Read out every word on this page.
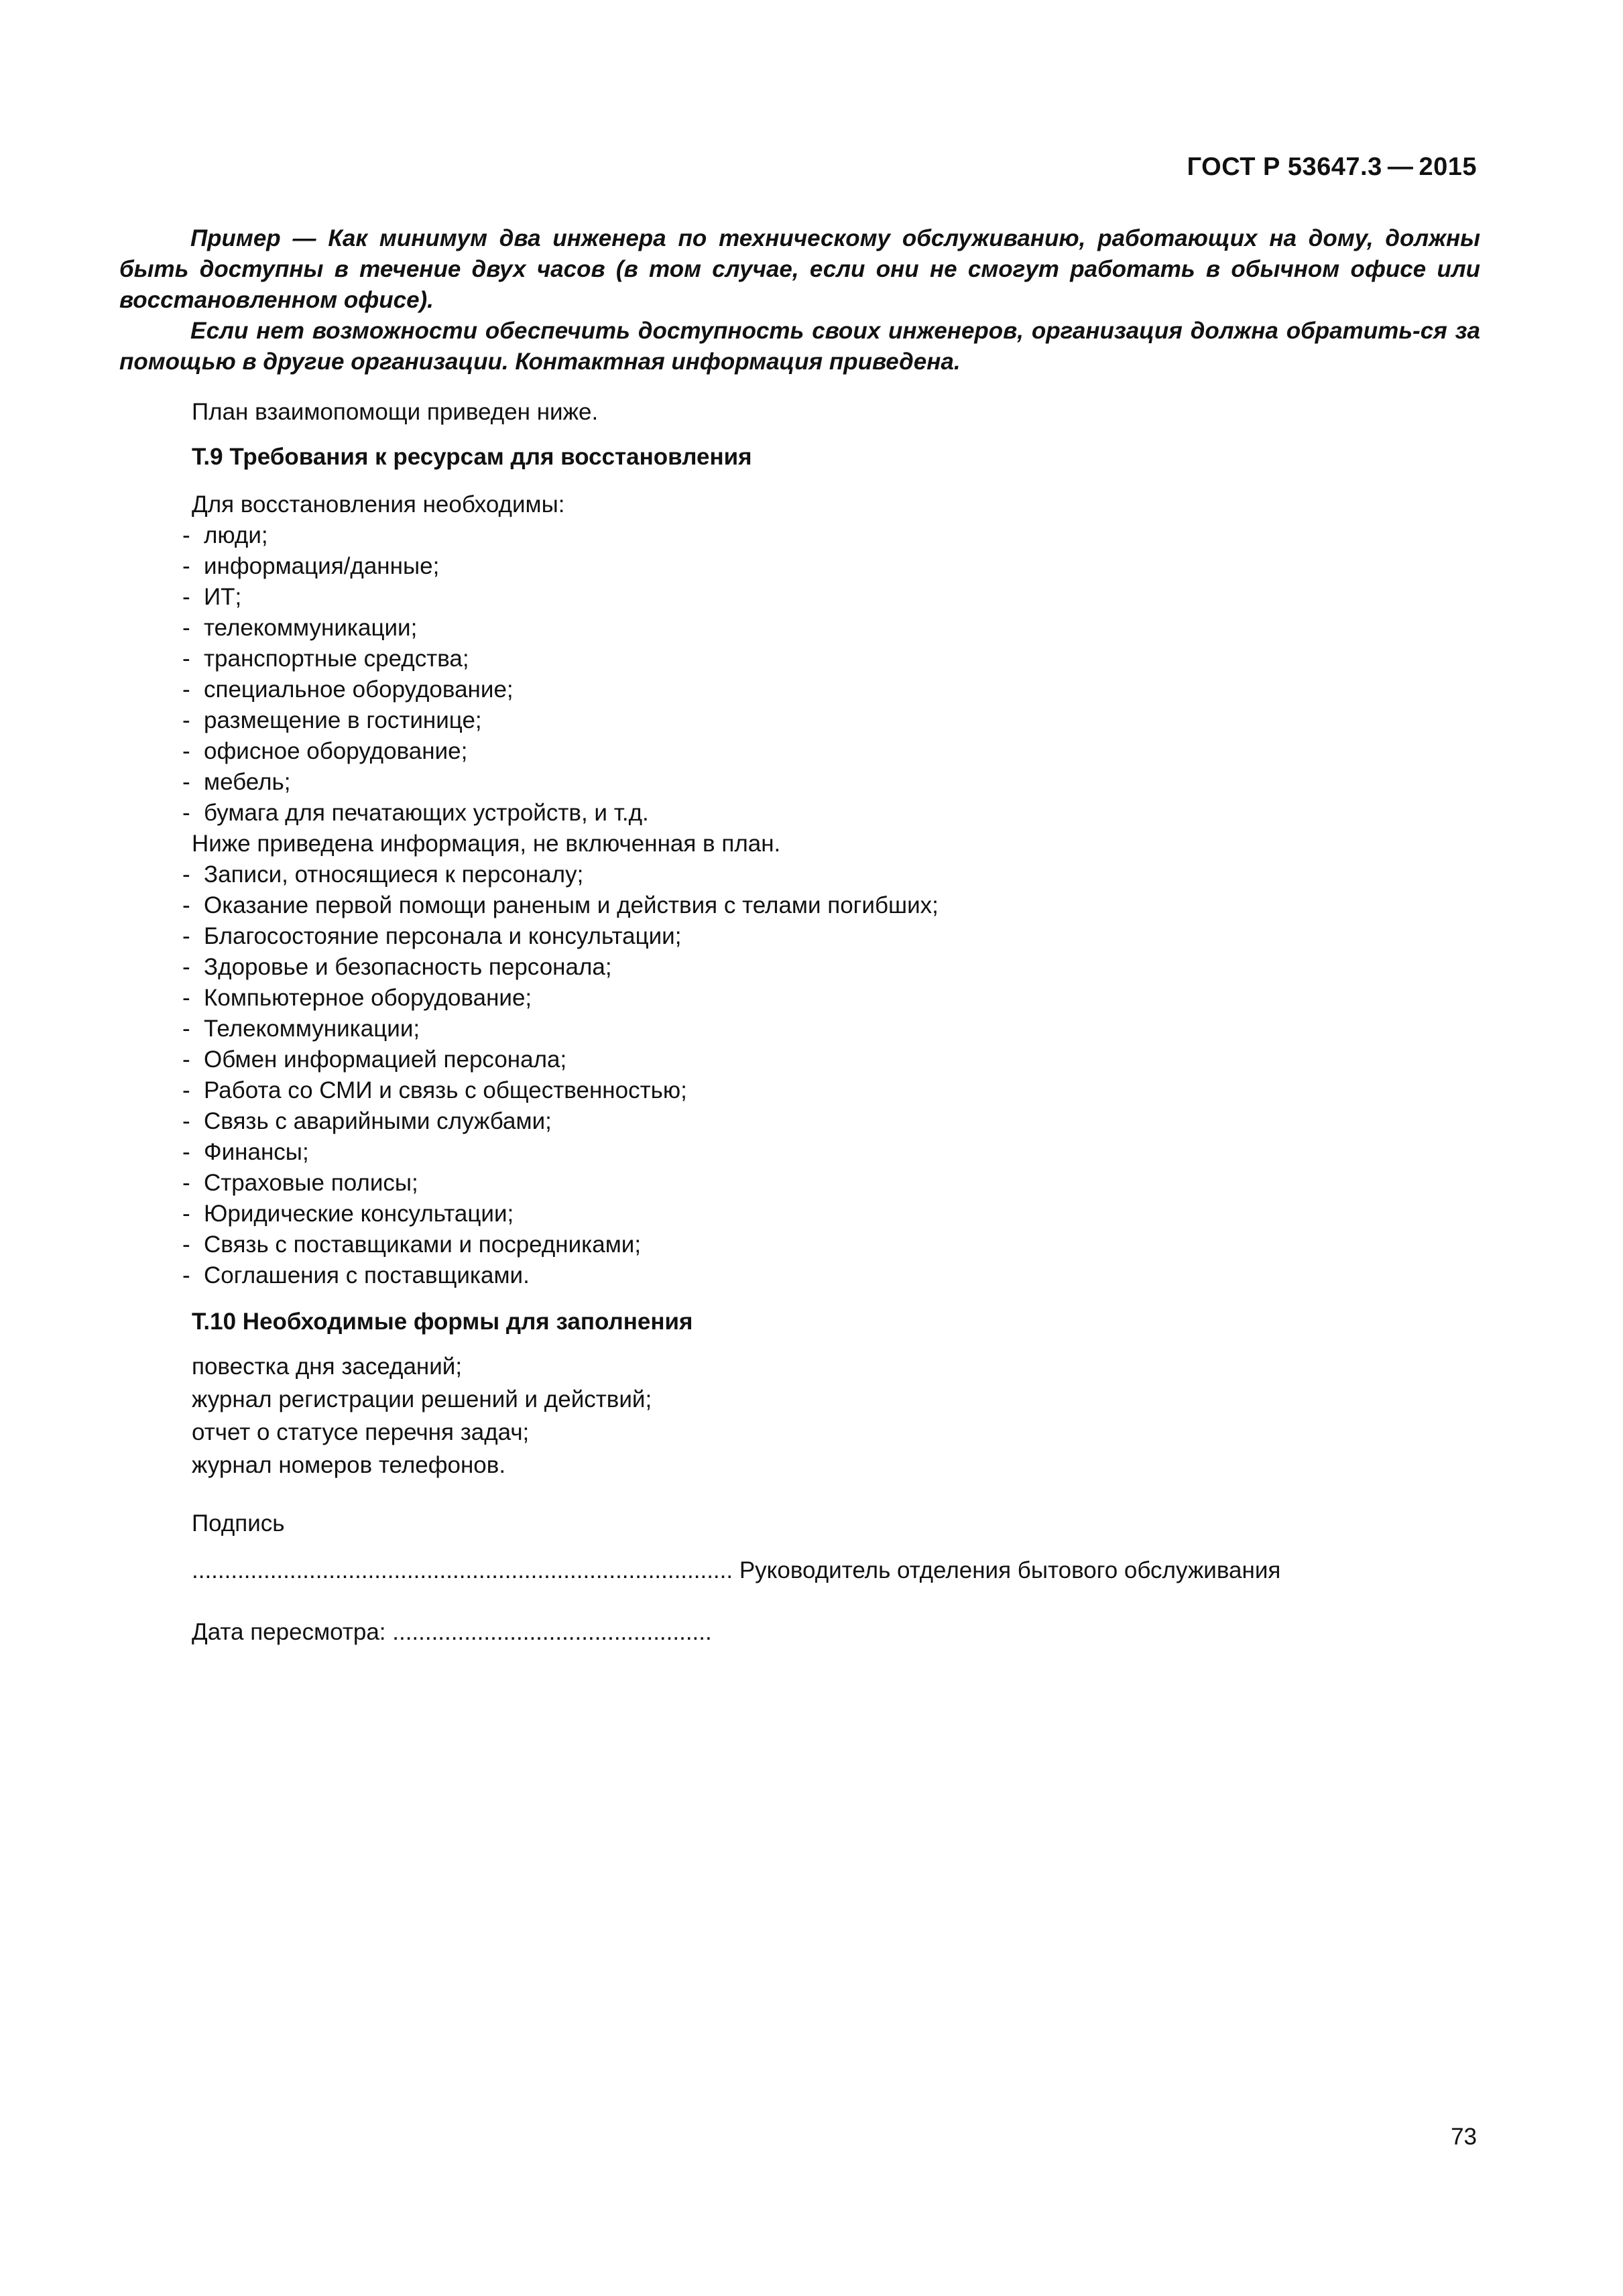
ГОСТ Р 53647.3 — 2015

Пример — Как минимум два инженера по техническому обслуживанию, работающих на дому, должны быть доступны в течение двух часов (в том случае, если они не смогут работать в обычном офисе или восстановленном офисе).

Если нет возможности обеспечить доступность своих инженеров, организация должна обратить-ся за помощью в другие организации. Контактная информация приведена.

План взаимопомощи приведен ниже.
Т.9 Требования к ресурсам для восстановления
Для восстановления необходимы:
- люди;
- информация/данные;
- ИТ;
- телекоммуникации;
- транспортные средства;
- специальное оборудование;
- размещение в гостинице;
- офисное оборудование;
- мебель;
- бумага для печатающих устройств, и т.д.
Ниже приведена информация, не включенная в план.
- Записи, относящиеся к персоналу;
- Оказание первой помощи раненым и действия с телами погибших;
- Благосостояние персонала и консультации;
- Здоровье и безопасность персонала;
- Компьютерное оборудование;
- Телекоммуникации;
- Обмен информацией персонала;
- Работа со СМИ и связь с общественностью;
- Связь с аварийными службами;
- Финансы;
- Страховые полисы;
- Юридические консультации;
- Связь с поставщиками и посредниками;
- Соглашения с поставщиками.
Т.10 Необходимые формы для заполнения
повестка дня заседаний;
журнал регистрации решений и действий;
отчет о статусе перечня задач;
журнал номеров телефонов.
Подпись
................................................................................... Руководитель отделения бытового обслуживания
Дата пересмотра: .................................................
73
